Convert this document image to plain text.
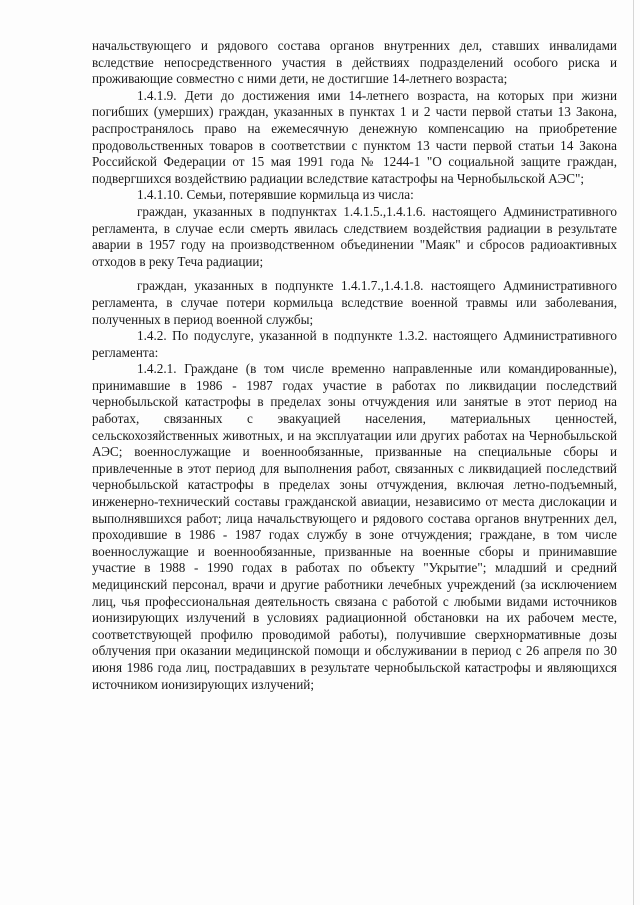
начальствующего и рядового состава органов внутренних дел, ставших инвалидами вследствие непосредственного участия в действиях подразделений особого риска и проживающие совместно с ними дети, не достигшие 14-летнего возраста;

1.4.1.9. Дети до достижения ими 14-летнего возраста, на которых при жизни погибших (умерших) граждан, указанных в пунктах 1 и 2 части первой статьи 13 Закона, распространялось право на ежемесячную денежную компенсацию на приобретение продовольственных товаров в соответствии с пунктом 13 части первой статьи 14 Закона Российской Федерации от 15 мая 1991 года № 1244-1 "О социальной защите граждан, подвергшихся воздействию радиации вследствие катастрофы на Чернобыльской АЭС";

1.4.1.10. Семьи, потерявшие кормильца из числа:

граждан, указанных в подпунктах 1.4.1.5.,1.4.1.6. настоящего Административного регламента, в случае если смерть явилась следствием воздействия радиации в результате аварии в 1957 году на производственном объединении "Маяк" и сбросов радиоактивных отходов в реку Теча радиации;

граждан, указанных в подпункте 1.4.1.7.,1.4.1.8. настоящего Административного регламента, в случае потери кормильца вследствие военной травмы или заболевания, полученных в период военной службы;

1.4.2. По подуслуге, указанной в подпункте 1.3.2. настоящего Административного регламента:

1.4.2.1. Граждане (в том числе временно направленные или командированные), принимавшие в 1986 - 1987 годах участие в работах по ликвидации последствий чернобыльской катастрофы в пределах зоны отчуждения или занятые в этот период на работах, связанных с эвакуацией населения, материальных ценностей, сельскохозяйственных животных, и на эксплуатации или других работах на Чернобыльской АЭС; военнослужащие и военнообязанные, призванные на специальные сборы и привлеченные в этот период для выполнения работ, связанных с ликвидацией последствий чернобыльской катастрофы в пределах зоны отчуждения, включая летно-подъемный, инженерно-технический составы гражданской авиации, независимо от места дислокации и выполнявшихся работ; лица начальствующего и рядового состава органов внутренних дел, проходившие в 1986 - 1987 годах службу в зоне отчуждения; граждане, в том числе военнослужащие и военнообязанные, призванные на военные сборы и принимавшие участие в 1988 - 1990 годах в работах по объекту "Укрытие"; младший и средний медицинский персонал, врачи и другие работники лечебных учреждений (за исключением лиц, чья профессиональная деятельность связана с работой с любыми видами источников ионизирующих излучений в условиях радиационной обстановки на их рабочем месте, соответствующей профилю проводимой работы), получившие сверхнормативные дозы облучения при оказании медицинской помощи и обслуживании в период с 26 апреля по 30 июня 1986 года лиц, пострадавших в результате чернобыльской катастрофы и являющихся источником ионизирующих излучений;
